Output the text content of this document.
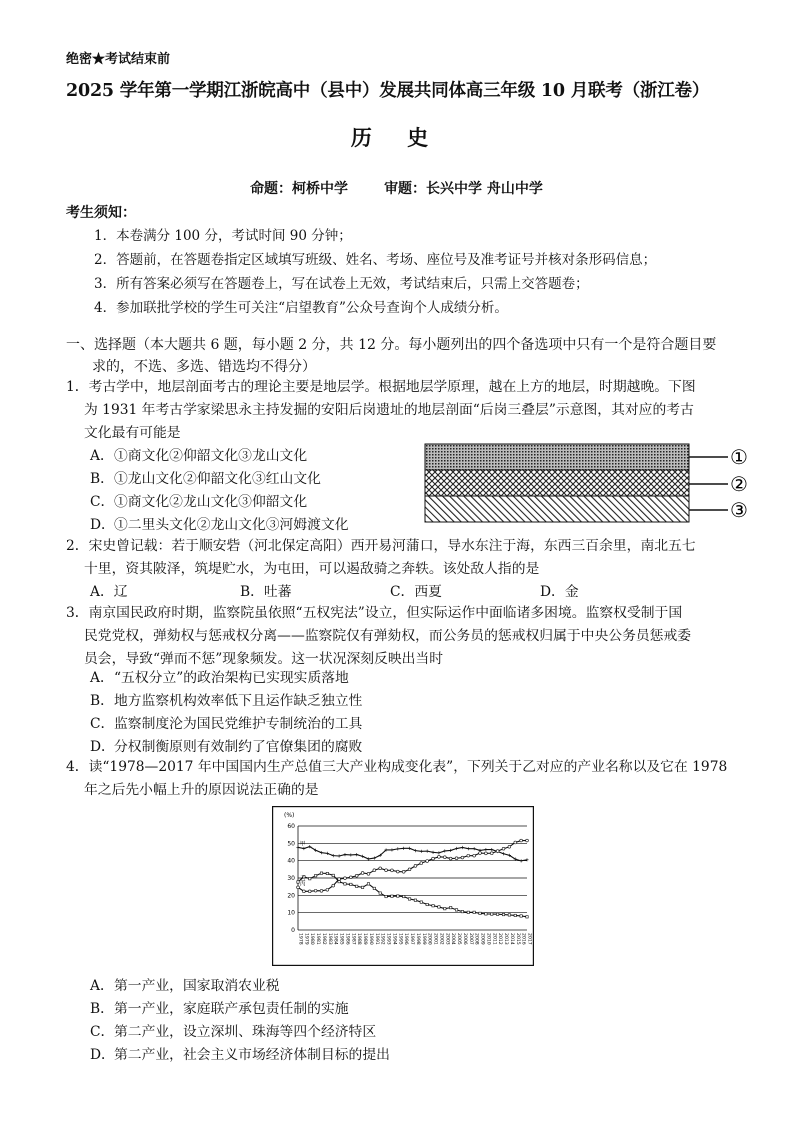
绝密★考试结束前
2025 学年第一学期江浙皖高中（县中）发展共同体高三年级 10 月联考（浙江卷）
历 史
命题：柯桥中学	审题：长兴中学 舟山中学
考生须知：
1．本卷满分 100 分，考试时间 90 分钟；
2．答题前，在答题卷指定区域填写班级、姓名、考场、座位号及准考证号并核对条形码信息；
3．所有答案必须写在答题卷上，写在试卷上无效，考试结束后，只需上交答题卷；
4．参加联批学校的学生可关注“启望教育”公众号查询个人成绩分析。
一、选择题（本大题共 6 题，每小题 2 分，共 12 分。每小题列出的四个备选项中只有一个是符合题目要
求的，不选、多选、错选均不得分）
1．考古学中，地层剖面考古的理论主要是地层学。根据地层学原理，越在上方的地层，时期越晚。下图
为 1931 年考古学家梁思永主持发掘的安阳后岗遗址的地层剖面“后岗三叠层”示意图，其对应的考古
文化最有可能是
A．①商文化②仰韶文化③龙山文化
B．①龙山文化②仰韶文化③红山文化
C．①商文化②龙山文化③仰韶文化
D．①二里头文化②龙山文化③河姆渡文化
①
②
③
2．宋史曾记载：若于顺安砦（河北保定高阳）西开易河蒲口，导水东注于海，东西三百余里，南北五七
十里，资其陂泽，筑堤贮水，为屯田，可以遏敌骑之奔轶。该处敌人指的是
A．辽	B．吐蕃	C．西夏	D．金
3．南京国民政府时期，监察院虽依照“五权宪法”设立，但实际运作中面临诸多困境。监察权受制于国
民党党权，弹劾权与惩戒权分离——监察院仅有弹劾权，而公务员的惩戒权归属于中央公务员惩戒委
员会，导致“弹而不惩”现象频发。这一状况深刻反映出当时
A．“五权分立”的政治架构已实现实质落地
B．地方监察机构效率低下且运作缺乏独立性
C．监察制度沦为国民党维护专制统治的工具
D．分权制衡原则有效制约了官僚集团的腐败
4．读“1978—2017 年中国国内生产总值三大产业构成变化表”，下列关于乙对应的产业名称以及它在 1978
年之后先小幅上升的原因说法正确的是
0
10
20
30
40
50
60
1978 1979 1980 1981 1982 1983 1984 1985 1986 1987 1988 1989 1990 1991 1992 1993 1994 1995 1996 1997 1998 1999 2000 2001 2002 2003 2004 2005 2006 2007 2008 2009 2010 2011 2012 2013 2014 2015 2016 2017
甲
乙
丙
(%)
A．第一产业，国家取消农业税
B．第一产业，家庭联产承包责任制的实施
C．第二产业，设立深圳、珠海等四个经济特区
D．第二产业，社会主义市场经济体制目标的提出
